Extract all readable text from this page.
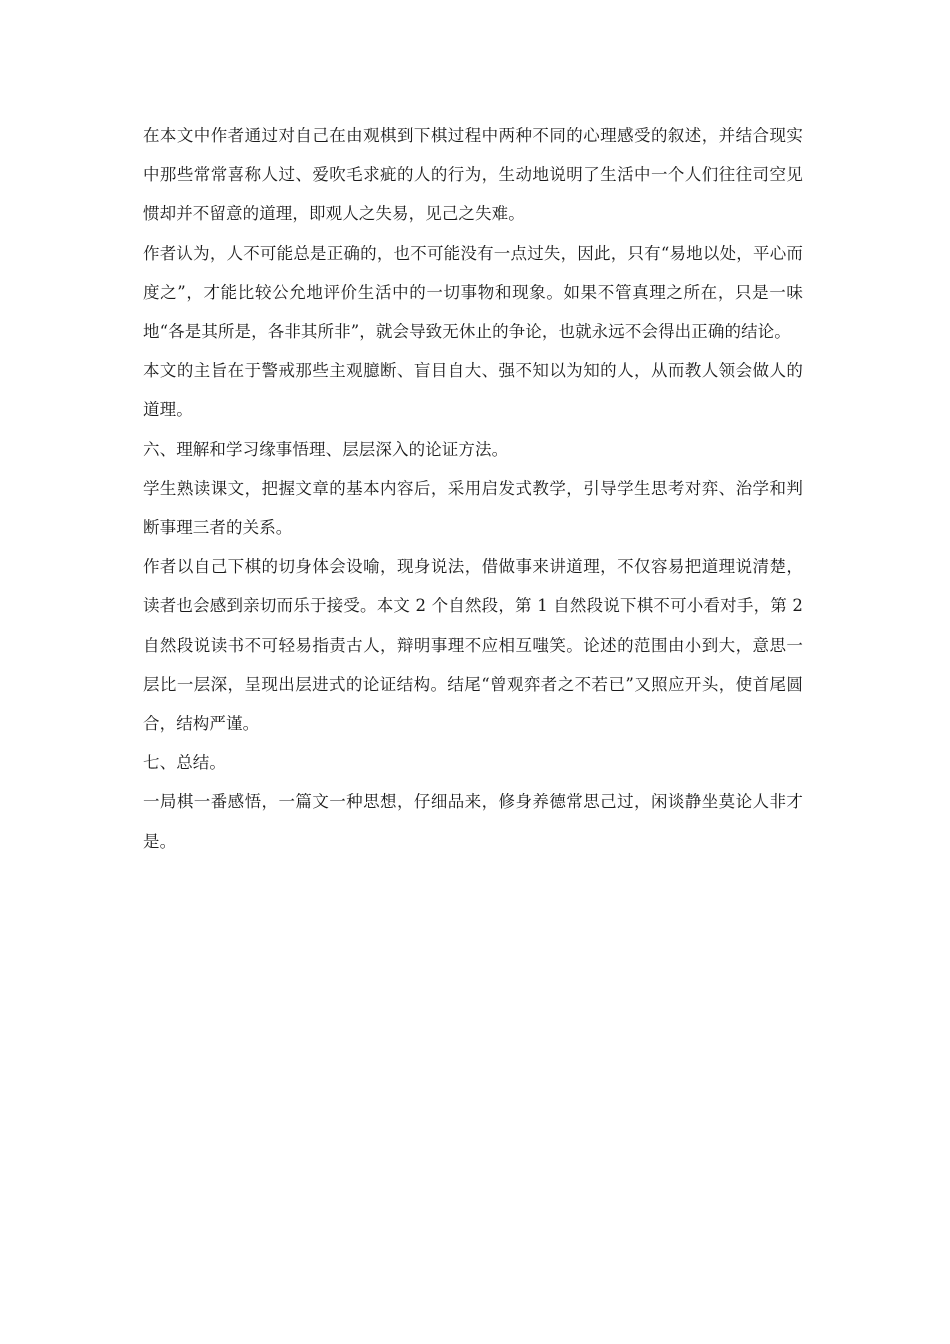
在本文中作者通过对自己在由观棋到下棋过程中两种不同的心理感受的叙述，并结合现实中那些常常喜称人过、爱吹毛求疵的人的行为，生动地说明了生活中一个人们往往司空见惯却并不留意的道理，即观人之失易，见己之失难。

作者认为，人不可能总是正确的，也不可能没有一点过失，因此，只有“易地以处，平心而度之”，才能比较公允地评价生活中的一切事物和现象。如果不管真理之所在，只是一味地“各是其所是，各非其所非”，就会导致无休止的争论，也就永远不会得出正确的结论。

本文的主旨在于警戒那些主观臆断、盲目自大、强不知以为知的人，从而教人领会做人的道理。

六、理解和学习缘事悟理、层层深入的论证方法。

学生熟读课文，把握文章的基本内容后，采用启发式教学，引导学生思考对弈、治学和判断事理三者的关系。

作者以自己下棋的切身体会设喻，现身说法，借做事来讲道理，不仅容易把道理说清楚，读者也会感到亲切而乐于接受。本文 2 个自然段，第 1 自然段说下棋不可小看对手，第 2 自然段说读书不可轻易指责古人，辩明事理不应相互嗤笑。论述的范围由小到大，意思一层比一层深，呈现出层进式的论证结构。结尾“曾观弈者之不若已”又照应开头，使首尾圆合，结构严谨。

七、总结。

一局棋一番感悟，一篇文一种思想，仔细品来，修身养德常思己过，闲谈静坐莫论人非才是。
